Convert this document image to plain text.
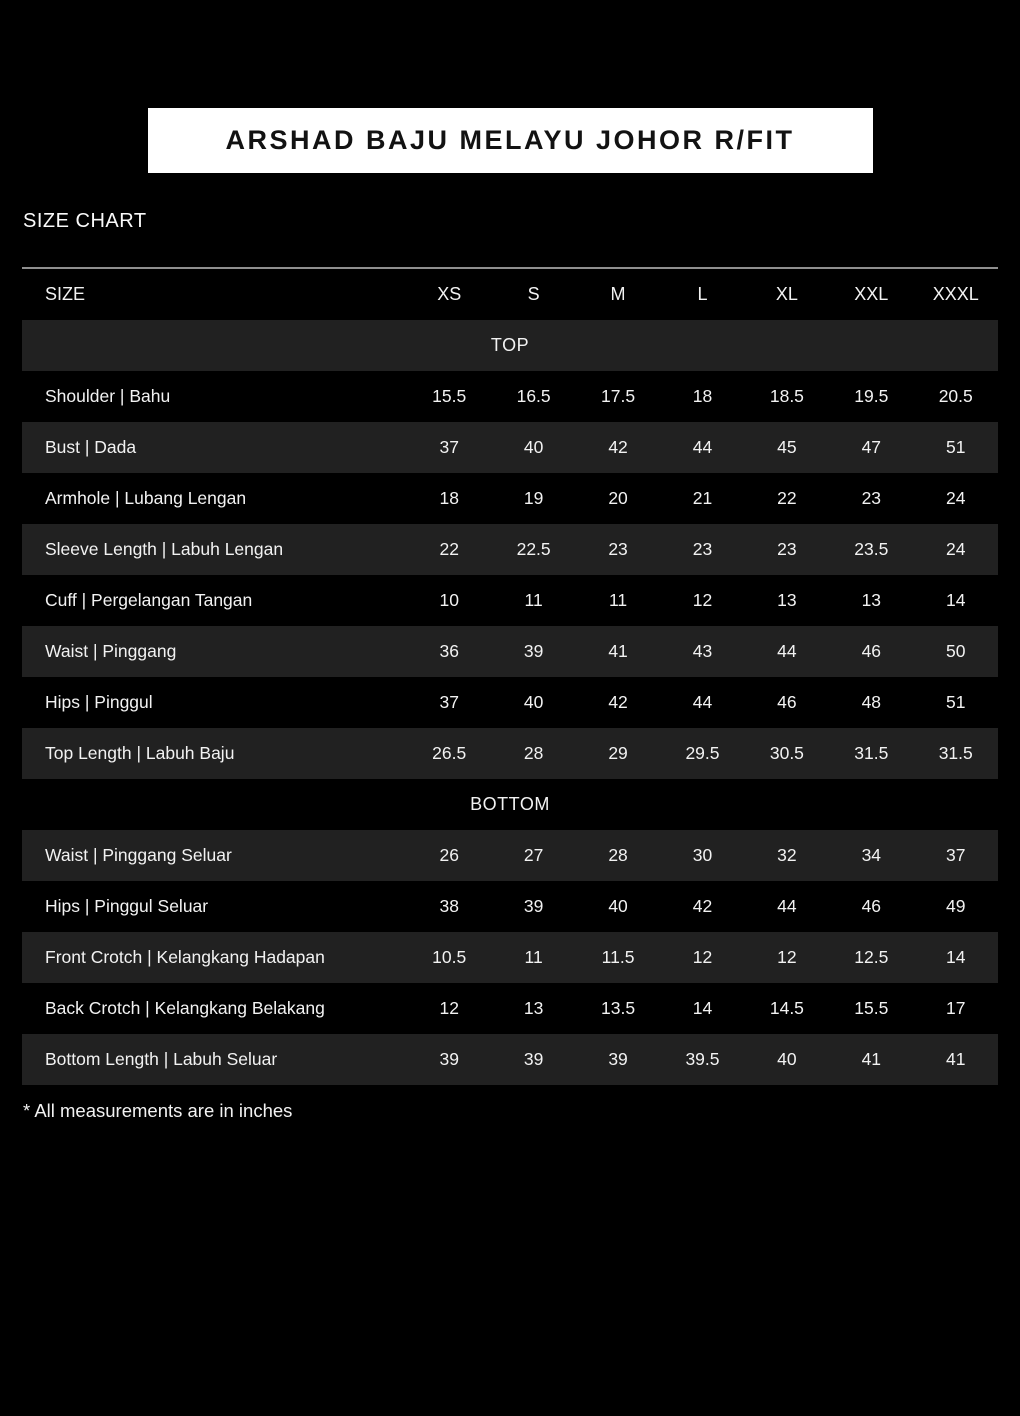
ARSHAD BAJU MELAYU JOHOR R/FIT
SIZE CHART
SIZE	XS	S	M	L	XL	XXL	XXXL
TOP
Shoulder | Bahu	15.5	16.5	17.5	18	18.5	19.5	20.5
Bust | Dada	37	40	42	44	45	47	51
Armhole | Lubang Lengan	18	19	20	21	22	23	24
Sleeve Length | Labuh Lengan	22	22.5	23	23	23	23.5	24
Cuff | Pergelangan Tangan	10	11	11	12	13	13	14
Waist | Pinggang	36	39	41	43	44	46	50
Hips | Pinggul	37	40	42	44	46	48	51
Top Length | Labuh Baju	26.5	28	29	29.5	30.5	31.5	31.5
BOTTOM
Waist | Pinggang Seluar	26	27	28	30	32	34	37
Hips | Pinggul Seluar	38	39	40	42	44	46	49
Front Crotch | Kelangkang Hadapan	10.5	11	11.5	12	12	12.5	14
Back Crotch | Kelangkang Belakang	12	13	13.5	14	14.5	15.5	17
Bottom Length | Labuh Seluar	39	39	39	39.5	40	41	41
* All measurements are in inches
